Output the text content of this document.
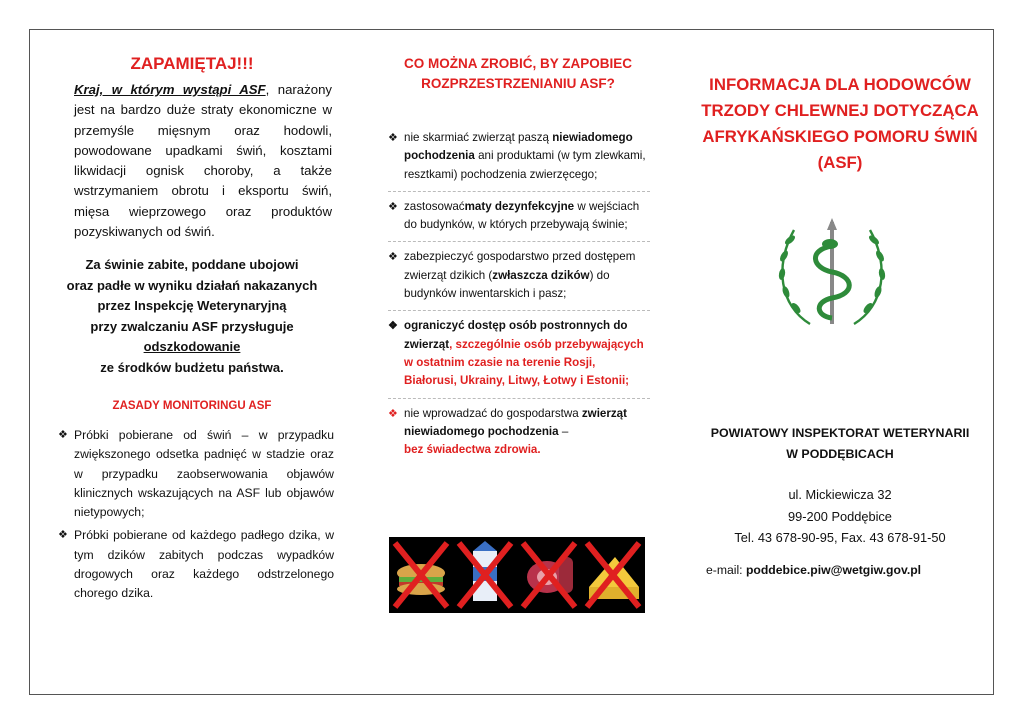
ZAPAMIĘTAJ!!!
Kraj, w którym wystąpi ASF, narażony jest na bardzo duże straty ekonomiczne w przemyśle mięsnym oraz hodowli, powodowane upadkami świń, kosztami likwidacji ognisk choroby, a także wstrzymaniem obrotu i eksportu świń, mięsa wieprzowego oraz produktów pozyskiwanych od świń.
Za świnie zabite, poddane ubojowi
oraz padłe w wyniku działań nakazanych
przez Inspekcję Weterynaryjną
przy zwalczaniu ASF przysługuje
odszkodowanie
ze środków budżetu państwa.
ZASADY MONITORINGU ASF
❖ Próbki pobierane od świń – w przypadku zwiększonego odsetka padnięć w stadzie oraz w przypadku zaobserwowania objawów klinicznych wskazujących na ASF lub objawów nietypowych;
❖ Próbki pobierane od każdego padłego dzika, w tym dzików zabitych podczas wypadków drogowych oraz każdego odstrzelonego chorego dzika.
CO MOŻNA ZROBIĆ, BY ZAPOBIEC
ROZPRZESTRZENIANIU ASF?
❖ nie skarmiać zwierząt paszą niewiadomego pochodzenia ani produktami (w tym zlewkami, resztkami) pochodzenia zwierzęcego;
❖ zastosowaćmaty dezynfekcyjne w wejściach do budynków, w których przebywają świnie;
❖ zabezpieczyć gospodarstwo przed dostępem zwierząt dzikich (zwłaszcza dzików) do budynków inwentarskich i pasz;
❖ ograniczyć dostęp osób postronnych do zwierząt, szczególnie osób przebywających w ostatnim czasie na terenie Rosji, Białorusi, Ukrainy, Litwy, Łotwy i Estonii;
❖ nie wprowadzać do gospodarstwa zwierząt niewiadomego pochodzenia –
bez świadectwa zdrowia.
INFORMACJA DLA HODOWCÓW
TRZODY CHLEWNEJ DOTYCZĄCA
AFRYKAŃSKIEGO POMORU ŚWIŃ
(ASF)
POWIATOWY INSPEKTORAT WETERYNARII
W PODDĘBICACH
ul. Mickiewicza 32
99-200 Poddębice
Tel. 43 678-90-95, Fax. 43 678-91-50
e-mail: poddebice.piw@wetgiw.gov.pl
